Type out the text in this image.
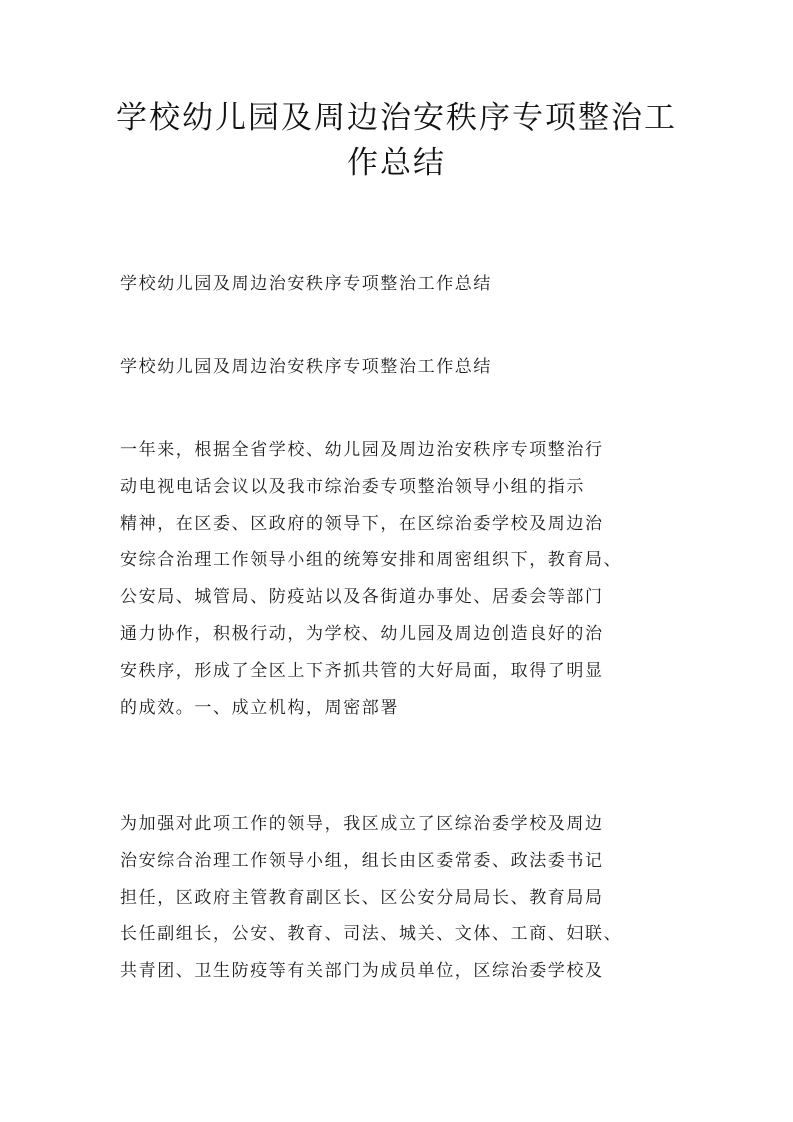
学校幼儿园及周边治安秩序专项整治工
作总结

学校幼儿园及周边治安秩序专项整治工作总结

学校幼儿园及周边治安秩序专项整治工作总结

一年来，根据全省学校、幼儿园及周边治安秩序专项整治行
动电视电话会议以及我市综治委专项整治领导小组的指示
精神，在区委、区政府的领导下，在区综治委学校及周边治
安综合治理工作领导小组的统筹安排和周密组织下，教育局、
公安局、城管局、防疫站以及各街道办事处、居委会等部门
通力协作，积极行动，为学校、幼儿园及周边创造良好的治
安秩序，形成了全区上下齐抓共管的大好局面，取得了明显
的成效。一、成立机构，周密部署
为加强对此项工作的领导，我区成立了区综治委学校及周边
治安综合治理工作领导小组，组长由区委常委、政法委书记
担任，区政府主管教育副区长、区公安分局局长、教育局局
长任副组长，公安、教育、司法、城关、文体、工商、妇联、
共青团、卫生防疫等有关部门为成员单位，区综治委学校及
